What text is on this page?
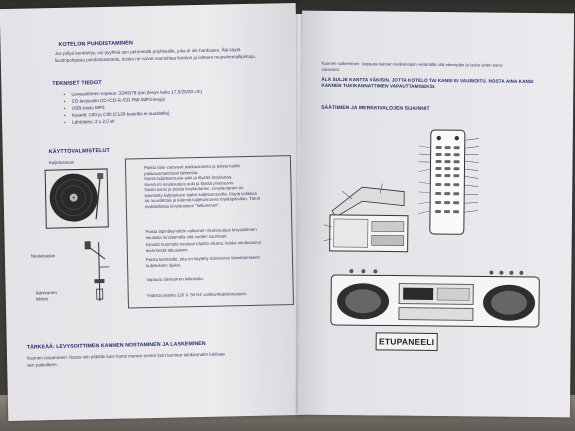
KOTELON PUHDISTAMINEN
Jos pölyä kerääntyy, voi pyyhkiä sen pehmeällä pöyhkeällä, joka ei ole hankaava. Älä käytä
liuotinpohjaisia puhdistusaineita, koska ne voivat vaurioittaa kotelon ja laitteen muovi/metallipintoja.
TEKNISET TIEDOT
• Levysoittimen nopeus: 33/45/78 rpm (levyn koko 17,5/25/30 cm)
• CD-levysoitin CD-/CD-R-/CD-RW-/MP3-levyjä
• USB-toisto MP3
• Kasetti: C60 ja C90 (C120-kasettia ei suositella)
• Lähtöteho: 2 x 2,5 W
KÄYTTÖVALMISTELUT
Kuljetusruuvi
Neulasuojus
Äänivarren lukitus
Poista laite varovasti pakkauksesta ja poista kaikki
pakkausmateriaali laitteesta.
Kierrä kuljetusruuvia auki ja löysää levylautaa.
Kierrä irti neulasuojus auki ja löytää pinoruuvin.
Nosta kansi ja poista levylautanen. Levylautanen on
kiinnitetty kuljetuksen ajaksi kuljetusruuvilla. Käytä kolikkoa
tai ruuvitalttaa ja käännä kuljetusruuvia myötäpäivään. Tämä
mahdollistaa levylautasen "kelluminen".
Poista läpinäkymätön valkoinen muovisuojus levysoittimen
neulasta liu'uttamalla sitä nuolen suuntaan.
Kiinnitä huomiota neulaan käytön aikana, koska neulavaunut
eivät kestä takuuseen.
Poista kiertosidе, jota on käytetty äänivarren kiinnittämiseen
kuljetuksen ajaksi.
Vapauta äänivarren lukkovipu.
Yhdistä pistoke 220 V, 50 HZ vaihtovirtapistorasiaan.
TÄRKEÄÄ: LEVYSOITTIMEN KANNEN NOSTAMINEN JA LASKEMINEN
Kannen avaaminen: Nosta niin pitkälle kuin kansi menee ennen kuin kannen tukikannatin lukitsee
sen paikalleen.
Kannen sulkeminen: Vapauta kannen tukikannatin vetämällä sitä eteenpäin ja laske sitten kansi
varovasti.
ÄLÄ SULJE KANTTA VÄKISIN, JOTTA KOTELO TAI KANSI EI VAURIOITU. NOSTA AINA KANSI
KANNEN TUKIKANNATTIMEN VAPAUTTAMISEKSI.
SÄÄTIMIEN JA MERKKIVALOJEN SIJAINNIT
ETUPANEELI
